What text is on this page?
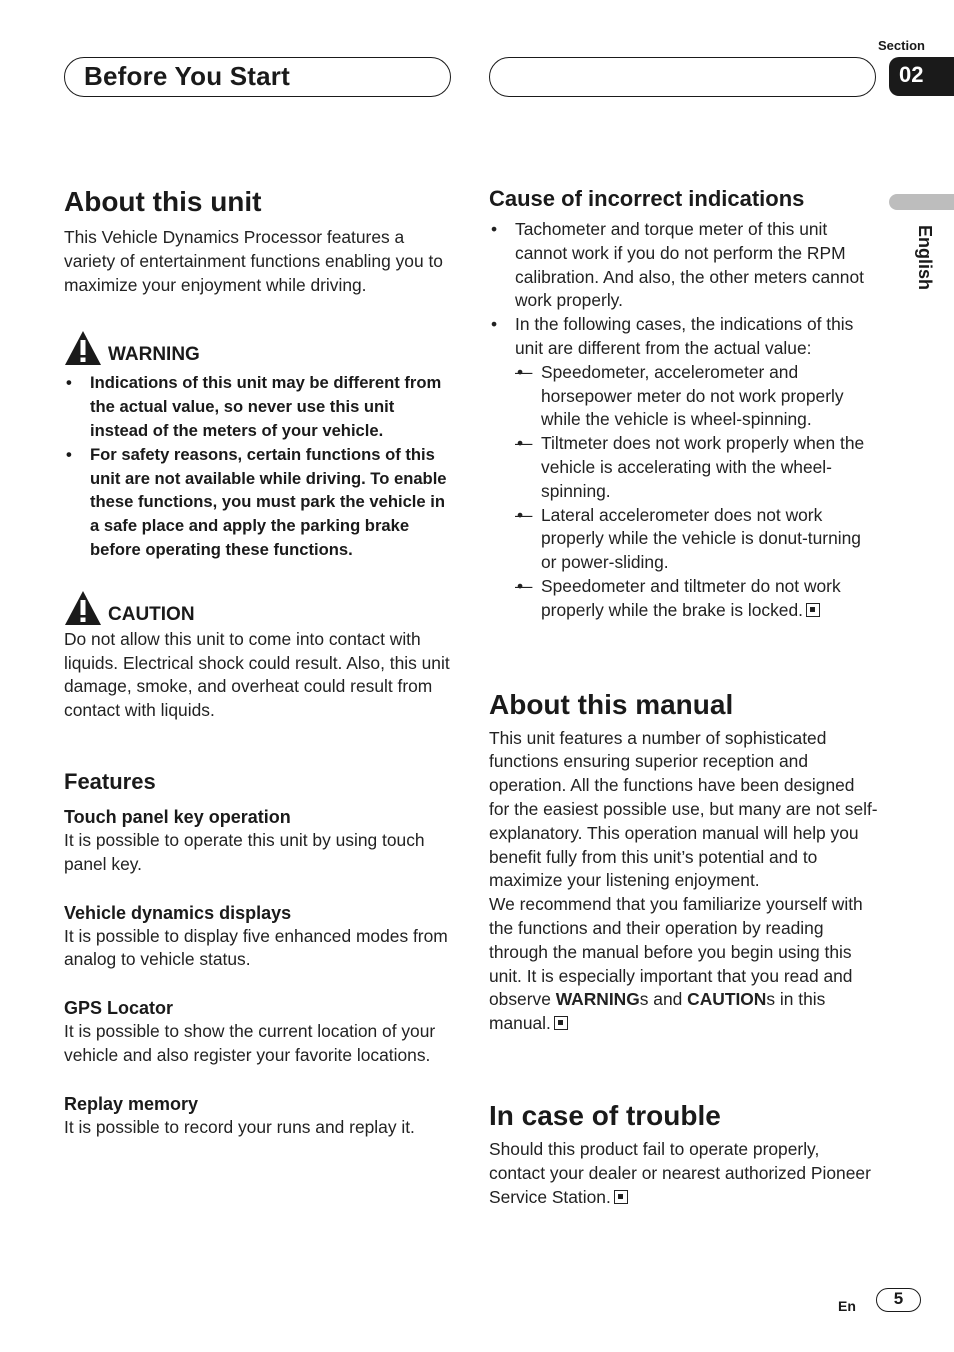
Before You Start
Section
02
English
About this unit

This Vehicle Dynamics Processor features a variety of entertainment functions enabling you to maximize your enjoyment while driving.

WARNING
• Indications of this unit may be different from the actual value, so never use this unit instead of the meters of your vehicle.
• For safety reasons, certain functions of this unit are not available while driving. To enable these functions, you must park the vehicle in a safe place and apply the parking brake before operating these functions.
CAUTION

Do not allow this unit to come into contact with liquids. Electrical shock could result. Also, this unit damage, smoke, and overheat could result from contact with liquids.

Features
Touch panel key operation

It is possible to operate this unit by using touch panel key.

Vehicle dynamics displays

It is possible to display five enhanced modes from analog to vehicle status.

GPS Locator

It is possible to show the current location of your vehicle and also register your favorite locations.

Replay memory

It is possible to record your runs and replay it.

Cause of incorrect indications
• Tachometer and torque meter of this unit cannot work if you do not perform the RPM calibration. And also, the other meters cannot work properly.
• In the following cases, the indications of this unit are different from the actual value:
• — Speedometer, accelerometer and horsepower meter do not work properly while the vehicle is wheel-spinning.
• — Tiltmeter does not work properly when the vehicle is accelerating with the wheel-spinning.
• — Lateral accelerometer does not work properly while the vehicle is donut-turning or power-sliding.
• — Speedometer and tiltmeter do not work properly while the brake is locked.
About this manual

This unit features a number of sophisticated functions ensuring superior reception and operation. All the functions have been designed for the easiest possible use, but many are not self-explanatory. This operation manual will help you benefit fully from this unit’s potential and to maximize your listening enjoyment.

We recommend that you familiarize yourself with the functions and their operation by reading through the manual before you begin using this unit. It is especially important that you read and observe WARNINGs and CAUTIONs in this manual.

In case of trouble

Should this product fail to operate properly, contact your dealer or nearest authorized Pioneer Service Station.

En	5
